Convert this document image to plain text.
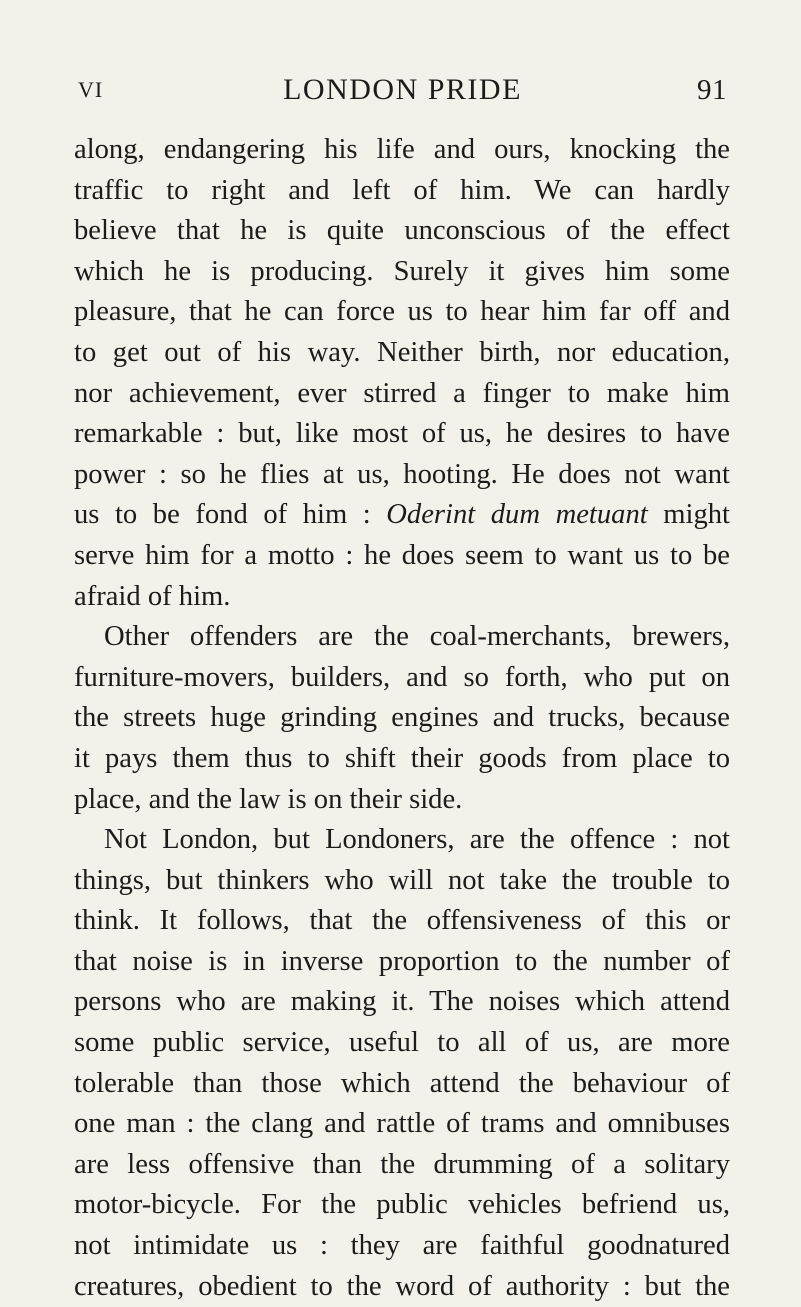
VI	LONDON PRIDE	91
along, endangering his life and ours, knocking the
traffic to right and left of him. We can hardly
believe that he is quite unconscious of the effect
which he is producing. Surely it gives him some
pleasure, that he can force us to hear him far off and
to get out of his way. Neither birth, nor education,
nor achievement, ever stirred a finger to make him
remarkable : but, like most of us, he desires to have
power : so he flies at us, hooting. He does not want
us to be fond of him : Oderint dum metuant might
serve him for a motto : he does seem to want us to be
afraid of him.
Other offenders are the coal-merchants, brewers,
furniture-movers, builders, and so forth, who put on
the streets huge grinding engines and trucks, because
it pays them thus to shift their goods from place to
place, and the law is on their side.
Not London, but Londoners, are the offence : not
things, but thinkers who will not take the trouble to
think. It follows, that the offensiveness of this or
that noise is in inverse proportion to the number of
persons who are making it. The noises which attend
some public service, useful to all of us, are more
tolerable than those which attend the behaviour of
one man : the clang and rattle of trams and omnibuses
are less offensive than the drumming of a solitary
motor-bicycle. For the public vehicles befriend us,
not intimidate us : they are faithful goodnatured
creatures, obedient to the word of authority : but the
